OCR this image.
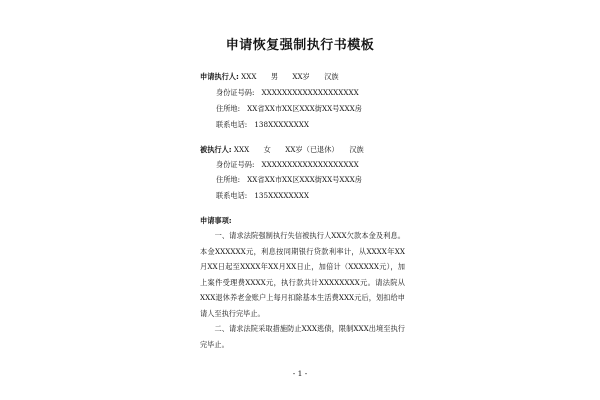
申请恢复强制执行书模板
申请执行人: XXX　　男　　XX岁　　汉族
身份证号码:　XXXXXXXXXXXXXXXXXXX
住所地:　XX省XX市XX区XXX街XX号XXX房
联系电话:　138XXXXXXXX
被执行人: XXX　　女　　XX岁（已退休）　　汉族
身份证号码:　XXXXXXXXXXXXXXXXXXX
住所地:　XX省XX市XX区XXX街XX号XXX房
联系电话:　135XXXXXXXX
申请事项:
　　一、请求法院强制执行失信被执行人XXX欠款本金及利息。本金XXXXXX元，利息按同期银行贷款利率计，从XXXX年XX月XX日起至XXXX年XX月XX日止，加倍计（XXXXXX元），加上案件受理费XXXX元，执行款共计XXXXXXXX元。请法院从XXX退休养老金账户上每月扣除基本生活费XXX元后，划扣给申请人至执行完毕止。
　　二、请求法院采取措施防止XXX逃债，限制XXX出境至执行完毕止。
- 1 -
